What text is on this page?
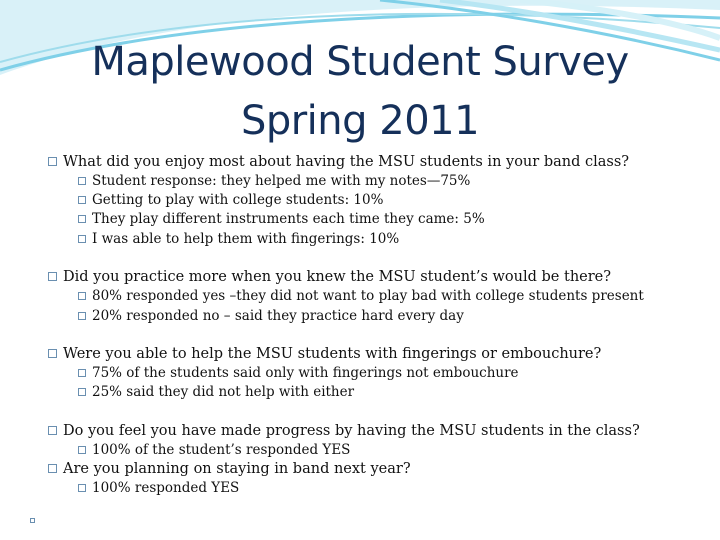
Maplewood Student Survey
Spring 2011
What did you enjoy most about having the MSU students in your band class?
Student response: they helped me with my notes—75%
Getting to play with college students: 10%
They play different instruments each time they came: 5%
I was able to help them with fingerings: 10%
Did you practice more when you knew the MSU student’s would be there?
80% responded yes –they did not want to play bad with college students present
20% responded no – said they practice hard every day
Were you able to help the MSU students with fingerings or embouchure?
75% of the students said only with fingerings not embouchure
25% said they did not help with either
Do you feel you have made progress by having the MSU students in the class?
100% of the student’s responded YES
Are you planning on staying in band next year?
100% responded YES
